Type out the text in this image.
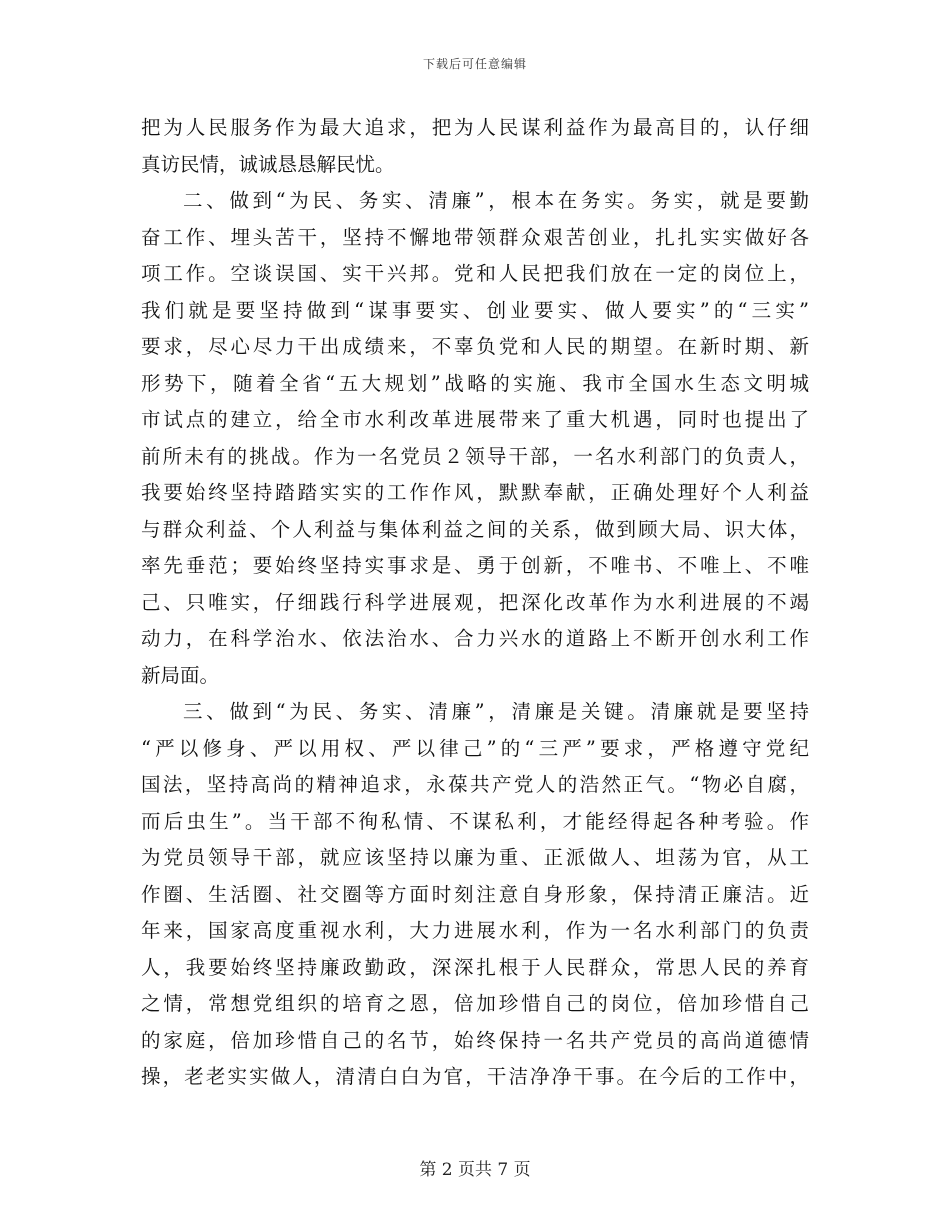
下载后可任意编辑
把为人民服务作为最大追求，把为人民谋利益作为最高目的，认仔细
真访民情，诚诚恳恳解民忧。
二、做到“为民、务实、清廉”，根本在务实。务实，就是要勤
奋工作、埋头苦干，坚持不懈地带领群众艰苦创业，扎扎实实做好各
项工作。空谈误国、实干兴邦。党和人民把我们放在一定的岗位上，
我们就是要坚持做到“谋事要实、创业要实、做人要实”的“三实”
要求，尽心尽力干出成绩来，不辜负党和人民的期望。在新时期、新
形势下，随着全省“五大规划”战略的实施、我市全国水生态文明城
市试点的建立，给全市水利改革进展带来了重大机遇，同时也提出了
前所未有的挑战。作为一名党员２领导干部，一名水利部门的负责人，
我要始终坚持踏踏实实的工作作风，默默奉献，正确处理好个人利益
与群众利益、个人利益与集体利益之间的关系，做到顾大局、识大体，
率先垂范；要始终坚持实事求是、勇于创新，不唯书、不唯上、不唯
己、只唯实，仔细践行科学进展观，把深化改革作为水利进展的不竭
动力，在科学治水、依法治水、合力兴水的道路上不断开创水利工作
新局面。
三、做到“为民、务实、清廉”，清廉是关键。清廉就是要坚持
“严以修身、严以用权、严以律己”的“三严”要求，严格遵守党纪
国法，坚持高尚的精神追求，永葆共产党人的浩然正气。“物必自腐，
而后虫生”。当干部不徇私情、不谋私利，才能经得起各种考验。作
为党员领导干部，就应该坚持以廉为重、正派做人、坦荡为官，从工
作圈、生活圈、社交圈等方面时刻注意自身形象，保持清正廉洁。近
年来，国家高度重视水利，大力进展水利，作为一名水利部门的负责
人，我要始终坚持廉政勤政，深深扎根于人民群众，常思人民的养育
之情，常想党组织的培育之恩，倍加珍惜自己的岗位，倍加珍惜自己
的家庭，倍加珍惜自己的名节，始终保持一名共产党员的高尚道德情
操，老老实实做人，清清白白为官，干洁净净干事。在今后的工作中，
第 2 页共 7 页
